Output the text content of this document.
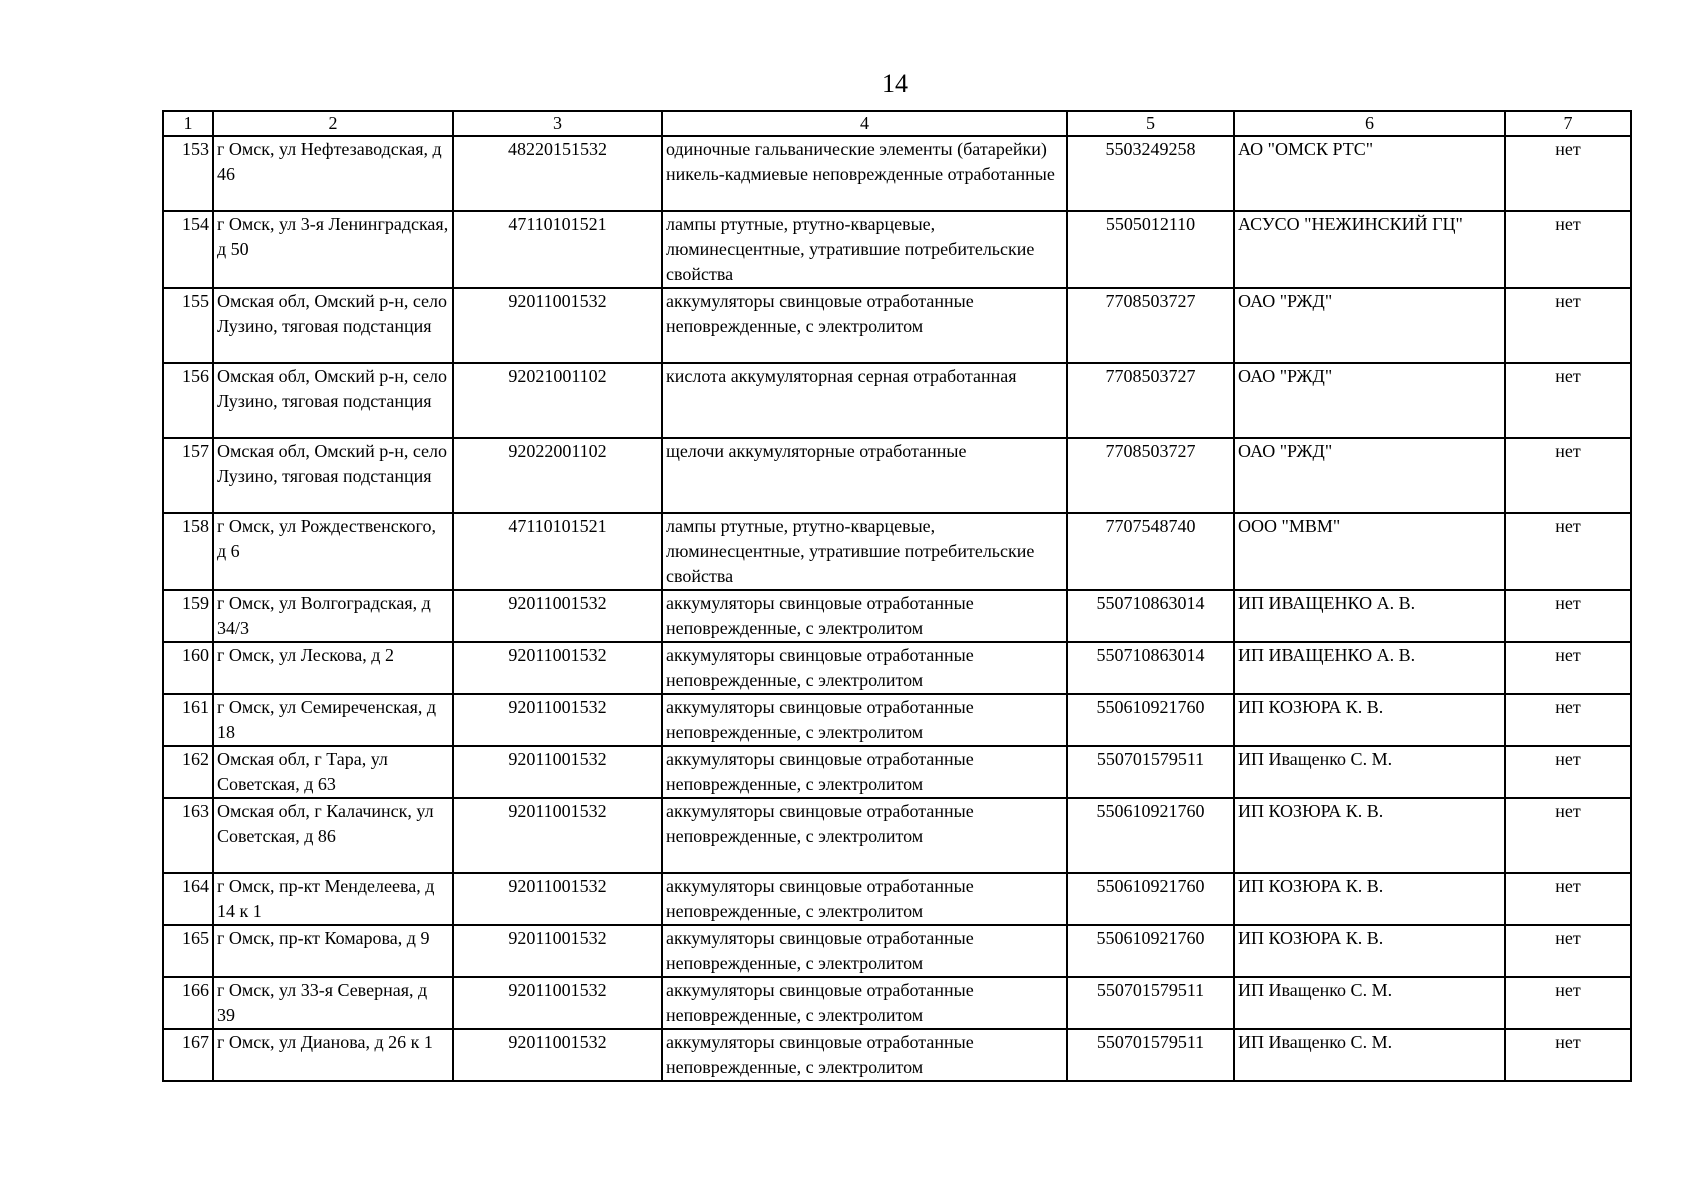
14
1	2	3	4	5	6	7
153	г Омск, ул Нефтезаводская, д 46	48220151532	одиночные гальванические элементы (батарейки) никель-кадмиевые неповрежденные отработанные	5503249258	АО "ОМСК РТС"	нет
154	г Омск, ул 3-я Ленинградская, д 50	47110101521	лампы ртутные, ртутно-кварцевые, люминесцентные, утратившие потребительские свойства	5505012110	АСУСО "НЕЖИНСКИЙ ГЦ"	нет
155	Омская обл, Омский р-н, село Лузино, тяговая подстанция	92011001532	аккумуляторы свинцовые отработанные неповрежденные, с электролитом	7708503727	ОАО "РЖД"	нет
156	Омская обл, Омский р-н, село Лузино, тяговая подстанция	92021001102	кислота аккумуляторная серная отработанная	7708503727	ОАО "РЖД"	нет
157	Омская обл, Омский р-н, село Лузино, тяговая подстанция	92022001102	щелочи аккумуляторные отработанные	7708503727	ОАО "РЖД"	нет
158	г Омск, ул Рождественского, д 6	47110101521	лампы ртутные, ртутно-кварцевые, люминесцентные, утратившие потребительские свойства	7707548740	ООО "МВМ"	нет
159	г Омск, ул Волгоградская, д 34/3	92011001532	аккумуляторы свинцовые отработанные неповрежденные, с электролитом	550710863014	ИП ИВАЩЕНКО А. В.	нет
160	г Омск, ул Лескова, д 2	92011001532	аккумуляторы свинцовые отработанные неповрежденные, с электролитом	550710863014	ИП ИВАЩЕНКО А. В.	нет
161	г Омск, ул Семиреченская, д 18	92011001532	аккумуляторы свинцовые отработанные неповрежденные, с электролитом	550610921760	ИП КОЗЮРА К. В.	нет
162	Омская обл, г Тара, ул Советская, д 63	92011001532	аккумуляторы свинцовые отработанные неповрежденные, с электролитом	550701579511	ИП Иващенко С. М.	нет
163	Омская обл, г Калачинск, ул Советская, д 86	92011001532	аккумуляторы свинцовые отработанные неповрежденные, с электролитом	550610921760	ИП КОЗЮРА К. В.	нет
164	г Омск, пр-кт Менделеева, д 14 к 1	92011001532	аккумуляторы свинцовые отработанные неповрежденные, с электролитом	550610921760	ИП КОЗЮРА К. В.	нет
165	г Омск, пр-кт Комарова, д 9	92011001532	аккумуляторы свинцовые отработанные неповрежденные, с электролитом	550610921760	ИП КОЗЮРА К. В.	нет
166	г Омск, ул 33-я Северная, д 39	92011001532	аккумуляторы свинцовые отработанные неповрежденные, с электролитом	550701579511	ИП Иващенко С. М.	нет
167	г Омск, ул Дианова, д 26 к 1	92011001532	аккумуляторы свинцовые отработанные неповрежденные, с электролитом	550701579511	ИП Иващенко С. М.	нет
